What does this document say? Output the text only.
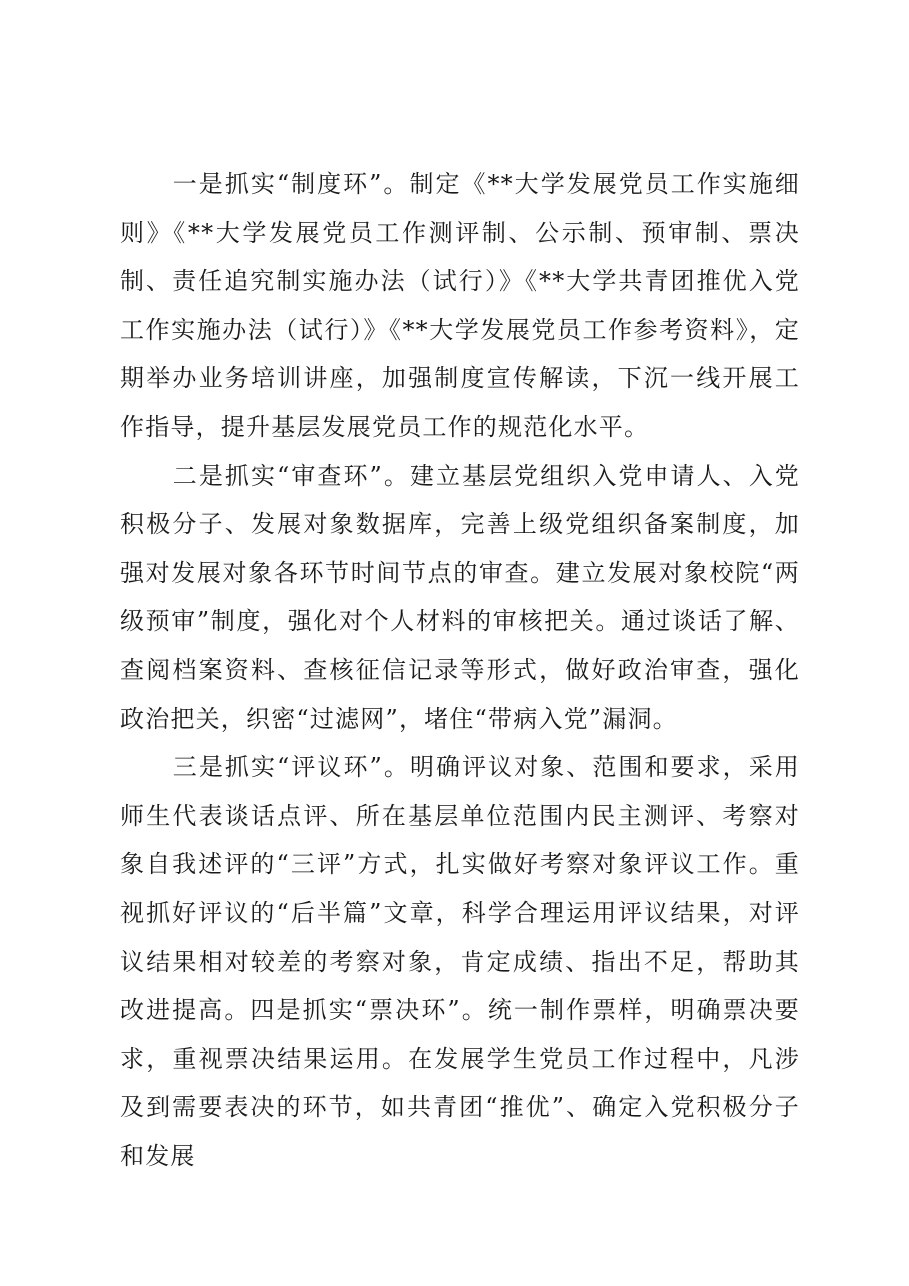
一是抓实“制度环”。制定《**大学发展党员工作实施细则》《**大学发展党员工作测评制、公示制、预审制、票决制、责任追究制实施办法（试行）》《**大学共青团推优入党工作实施办法（试行）》《**大学发展党员工作参考资料》，定期举办业务培训讲座，加强制度宣传解读，下沉一线开展工作指导，提升基层发展党员工作的规范化水平。

二是抓实“审查环”。建立基层党组织入党申请人、入党积极分子、发展对象数据库，完善上级党组织备案制度，加强对发展对象各环节时间节点的审查。建立发展对象校院“两级预审”制度，强化对个人材料的审核把关。通过谈话了解、查阅档案资料、查核征信记录等形式，做好政治审查，强化政治把关，织密“过滤网”，堵住“带病入党”漏洞。

三是抓实“评议环”。明确评议对象、范围和要求，采用师生代表谈话点评、所在基层单位范围内民主测评、考察对象自我述评的“三评”方式，扎实做好考察对象评议工作。重视抓好评议的“后半篇”文章，科学合理运用评议结果，对评议结果相对较差的考察对象，肯定成绩、指出不足，帮助其改进提高。四是抓实“票决环”。统一制作票样，明确票决要求，重视票决结果运用。在发展学生党员工作过程中，凡涉及到需要表决的环节，如共青团“推优”、确定入党积极分子和发展
